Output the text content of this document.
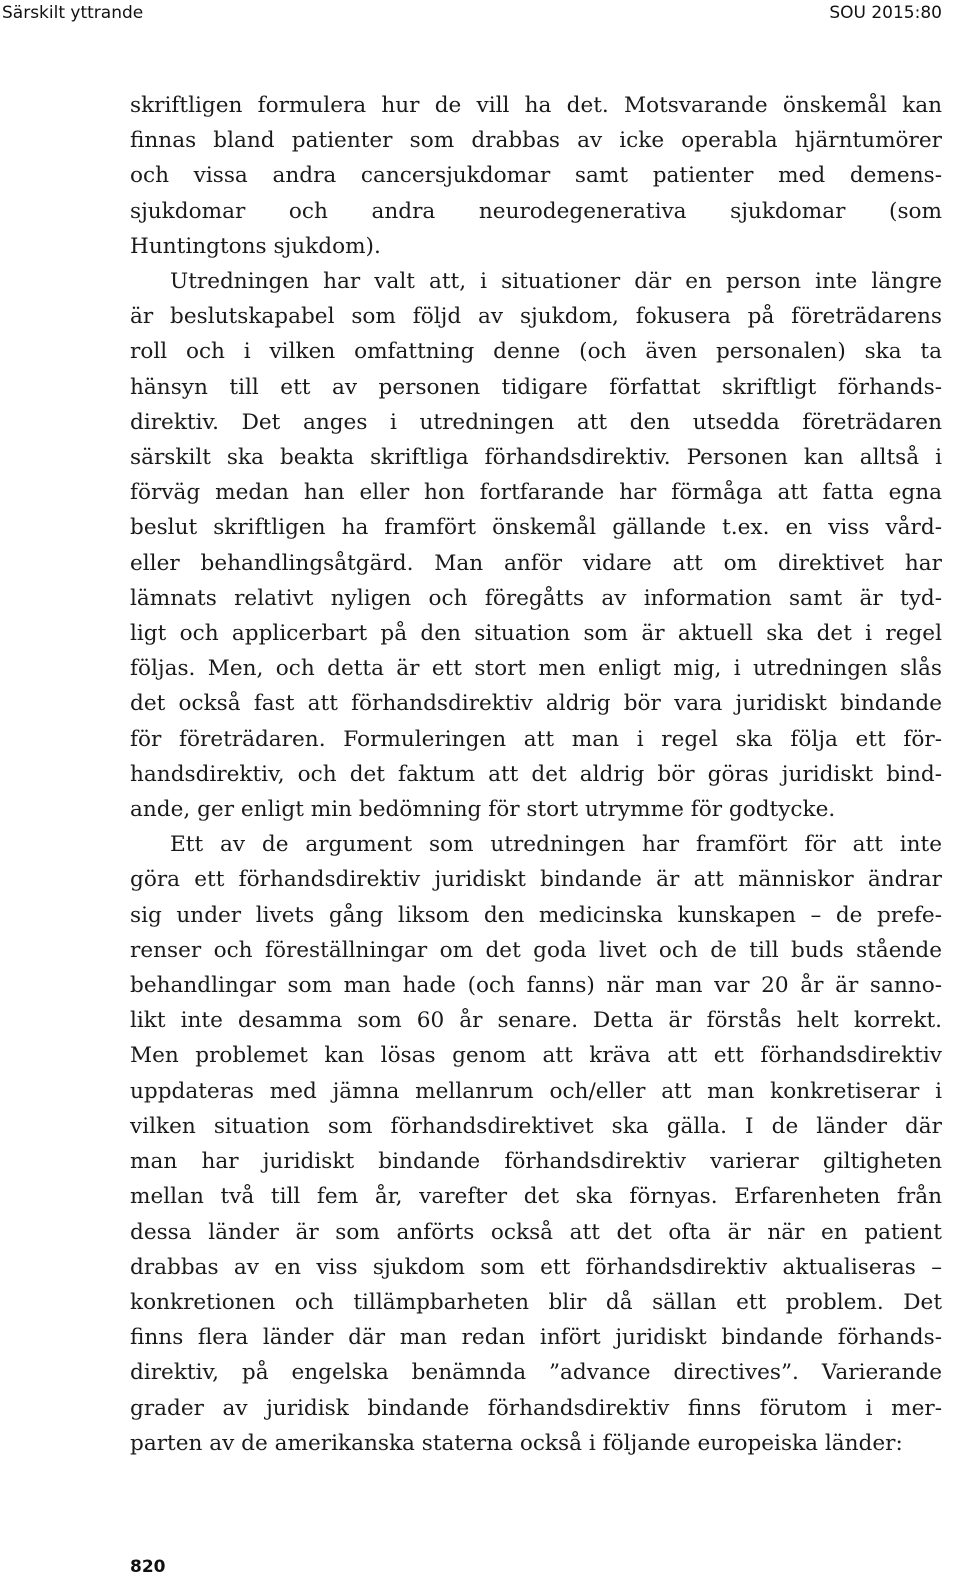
Särskilt yttrande	SOU 2015:80
skriftligen formulera hur de vill ha det. Motsvarande önskemål kan
finnas bland patienter som drabbas av icke operabla hjärntumörer
och vissa andra cancersjukdomar samt patienter med demens-
sjukdomar och andra neurodegenerativa sjukdomar (som
Huntingtons sjukdom).
Utredningen har valt att, i situationer där en person inte längre
är beslutskapabel som följd av sjukdom, fokusera på företrädarens
roll och i vilken omfattning denne (och även personalen) ska ta
hänsyn till ett av personen tidigare författat skriftligt förhands-
direktiv. Det anges i utredningen att den utsedda företrädaren
särskilt ska beakta skriftliga förhandsdirektiv. Personen kan alltså i
förväg medan han eller hon fortfarande har förmåga att fatta egna
beslut skriftligen ha framfört önskemål gällande t.ex. en viss vård-
eller behandlingsåtgärd. Man anför vidare att om direktivet har
lämnats relativt nyligen och föregåtts av information samt är tyd-
ligt och applicerbart på den situation som är aktuell ska det i regel
följas. Men, och detta är ett stort men enligt mig, i utredningen slås
det också fast att förhandsdirektiv aldrig bör vara juridiskt bindande
för företrädaren. Formuleringen att man i regel ska följa ett för-
handsdirektiv, och det faktum att det aldrig bör göras juridiskt bind-
ande, ger enligt min bedömning för stort utrymme för godtycke.
Ett av de argument som utredningen har framfört för att inte
göra ett förhandsdirektiv juridiskt bindande är att människor ändrar
sig under livets gång liksom den medicinska kunskapen – de prefe-
renser och föreställningar om det goda livet och de till buds stående
behandlingar som man hade (och fanns) när man var 20 år är sanno-
likt inte desamma som 60 år senare. Detta är förstås helt korrekt.
Men problemet kan lösas genom att kräva att ett förhandsdirektiv
uppdateras med jämna mellanrum och/eller att man konkretiserar i
vilken situation som förhandsdirektivet ska gälla. I de länder där
man har juridiskt bindande förhandsdirektiv varierar giltigheten
mellan två till fem år, varefter det ska förnyas. Erfarenheten från
dessa länder är som anförts också att det ofta är när en patient
drabbas av en viss sjukdom som ett förhandsdirektiv aktualiseras –
konkretionen och tillämpbarheten blir då sällan ett problem. Det
finns flera länder där man redan infört juridiskt bindande förhands-
direktiv, på engelska benämnda ”advance directives”. Varierande
grader av juridisk bindande förhandsdirektiv finns förutom i mer-
parten av de amerikanska staterna också i följande europeiska länder:
820
